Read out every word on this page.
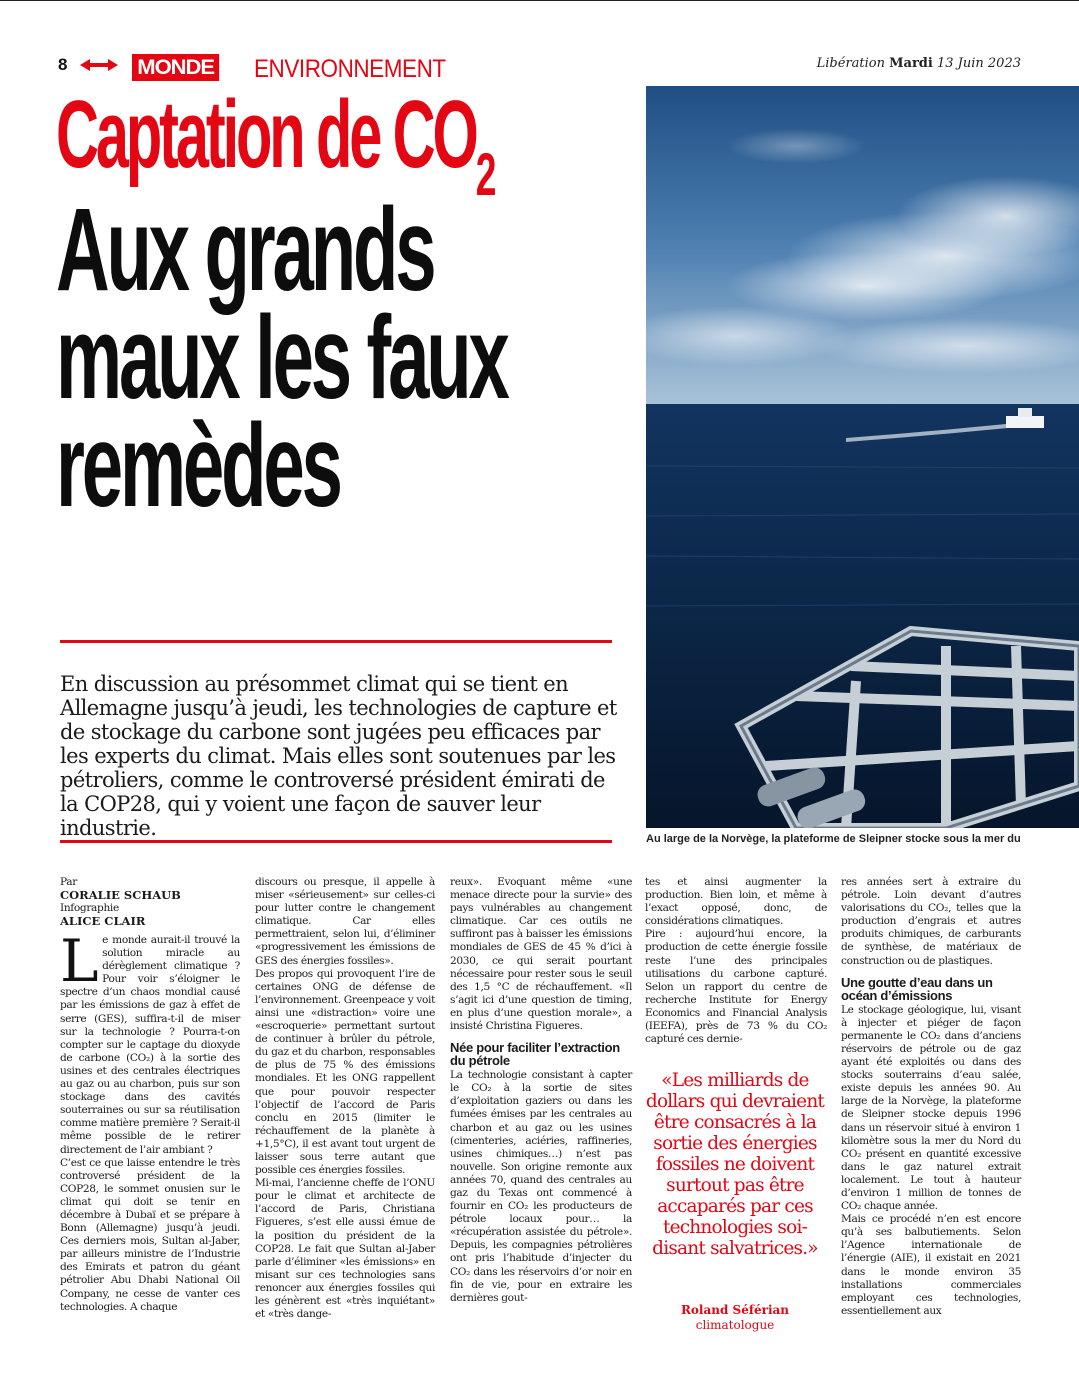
8	MONDE ENVIRONNEMENT	Libération Mardi 13 Juin 2023
Captation de $CO_2$
Aux grands
maux les faux
remèdes

En discussion au présommet climat qui se tient en Allemagne jusqu’à jeudi, les technologies de capture et de stockage du carbone sont jugées peu efficaces par les experts du climat. Mais elles sont soutenues par les pétroliers, comme le controversé président émirati de la COP28, qui y voient une façon de sauver leur industrie.	Au large de la Norvège, la plateforme de Sleipner stocke sous la mer du
Par
CORALIE SCHAUB
Infographie
ALICE CLAIR

Le monde aurait-il trouvé la solution miracle au dérèglement climatique ? Pour voir s’éloigner le spectre d’un chaos mondial causé par les émissions de gaz à effet de serre (GES), suffira-t-il de miser sur la technologie ? Pourra-t-on compter sur le captage du dioxyde de carbone (CO₂) à la sortie des usines et des centrales électriques au gaz ou au charbon, puis sur son stockage dans des cavités souterraines ou sur sa réutilisation comme matière première ? Serait-il même possible de le retirer directement de l’air ambiant ?

C’est ce que laisse entendre le très controversé président de la COP28, le sommet onusien sur le climat qui doit se tenir en décembre à Dubaï et se prépare à Bonn (Allemagne) jusqu’à jeudi. Ces derniers mois, Sultan al-Jaber, par ailleurs ministre de l’Industrie des Emirats et patron du géant pétrolier Abu Dhabi National Oil Company, ne cesse de vanter ces technologies. A chaque

discours ou presque, il appelle à miser «sérieusement» sur celles-ci pour lutter contre le changement climatique. Car elles permettraient, selon lui, d’éliminer «progressivement les émissions de GES des énergies fossiles».

Des propos qui provoquent l’ire de certaines ONG de défense de l’environnement. Greenpeace y voit ainsi une «distraction» voire une «escroquerie» permettant surtout de continuer à brûler du pétrole, du gaz et du charbon, responsables de plus de 75 % des émissions mondiales. Et les ONG rappellent que pour pouvoir respecter l’objectif de l’accord de Paris conclu en 2015 (limiter le réchauffement de la planète à +1,5°C), il est avant tout urgent de laisser sous terre autant que possible ces énergies fossiles.

Mi-mai, l’ancienne cheffe de l’ONU pour le climat et architecte de l’accord de Paris, Christiana Figueres, s’est elle aussi émue de la position du président de la COP28. Le fait que Sultan al-Jaber parle d’éliminer «les émissions» en misant sur ces technologies sans renoncer aux énergies fossiles qui les génèrent est «très inquiétant» et «très dange-

reux». Evoquant même «une menace directe pour la survie» des pays vulnérables au changement climatique. Car ces outils ne suffiront pas à baisser les émissions mondiales de GES de 45 % d’ici à 2030, ce qui serait pourtant nécessaire pour rester sous le seuil des 1,5 °C de réchauffement. «Il s’agit ici d’une question de timing, en plus d’une question morale», a insisté Christina Figueres.

Née pour faciliter l’extraction du pétrole

La technologie consistant à capter le CO₂ à la sortie de sites d’exploitation gaziers ou dans les fumées émises par les centrales au charbon et au gaz ou les usines (cimenteries, aciéries, raffineries, usines chimiques…) n’est pas nouvelle. Son origine remonte aux années 70, quand des centrales au gaz du Texas ont commencé à fournir en CO₂ les producteurs de pétrole locaux pour… la «récupération assistée du pétrole». Depuis, les compagnies pétrolières ont pris l’habitude d’injecter du CO₂ dans les réservoirs d’or noir en fin de vie, pour en extraire les dernières gout-

tes et ainsi augmenter la production. Bien loin, et même à l’exact opposé, donc, de considérations climatiques.

Pire : aujourd’hui encore, la production de cette énergie fossile reste l’une des principales utilisations du carbone capturé. Selon un rapport du centre de recherche Institute for Energy Economics and Financial Analysis (IEEFA), près de 73 % du CO₂ capturé ces dernie-

«Les milliards de dollars qui devraient être consacrés à la sortie des énergies fossiles ne doivent surtout pas être accaparés par ces technologies soi-disant salvatrices.»
Roland Séférian
climatologue

res années sert à extraire du pétrole. Loin devant d’autres valorisations du CO₂, telles que la production d’engrais et autres produits chimiques, de carburants de synthèse, de matériaux de construction ou de plastiques.

Une goutte d’eau dans un océan d’émissions

Le stockage géologique, lui, visant à injecter et piéger de façon permanente le CO₂ dans d’anciens réservoirs de pétrole ou de gaz ayant été exploités ou dans des stocks souterrains d’eau salée, existe depuis les années 90. Au large de la Norvège, la plateforme de Sleipner stocke depuis 1996 dans un réservoir situé à environ 1 kilomètre sous la mer du Nord du CO₂ présent en quantité excessive dans le gaz naturel extrait localement. Le tout à hauteur d’environ 1 million de tonnes de CO₂ chaque année.

Mais ce procédé n’en est encore qu’à ses balbutiements. Selon l’Agence internationale de l’énergie (AIE), il existait en 2021 dans le monde environ 35 installations commerciales employant ces technologies, essentiellement aux
